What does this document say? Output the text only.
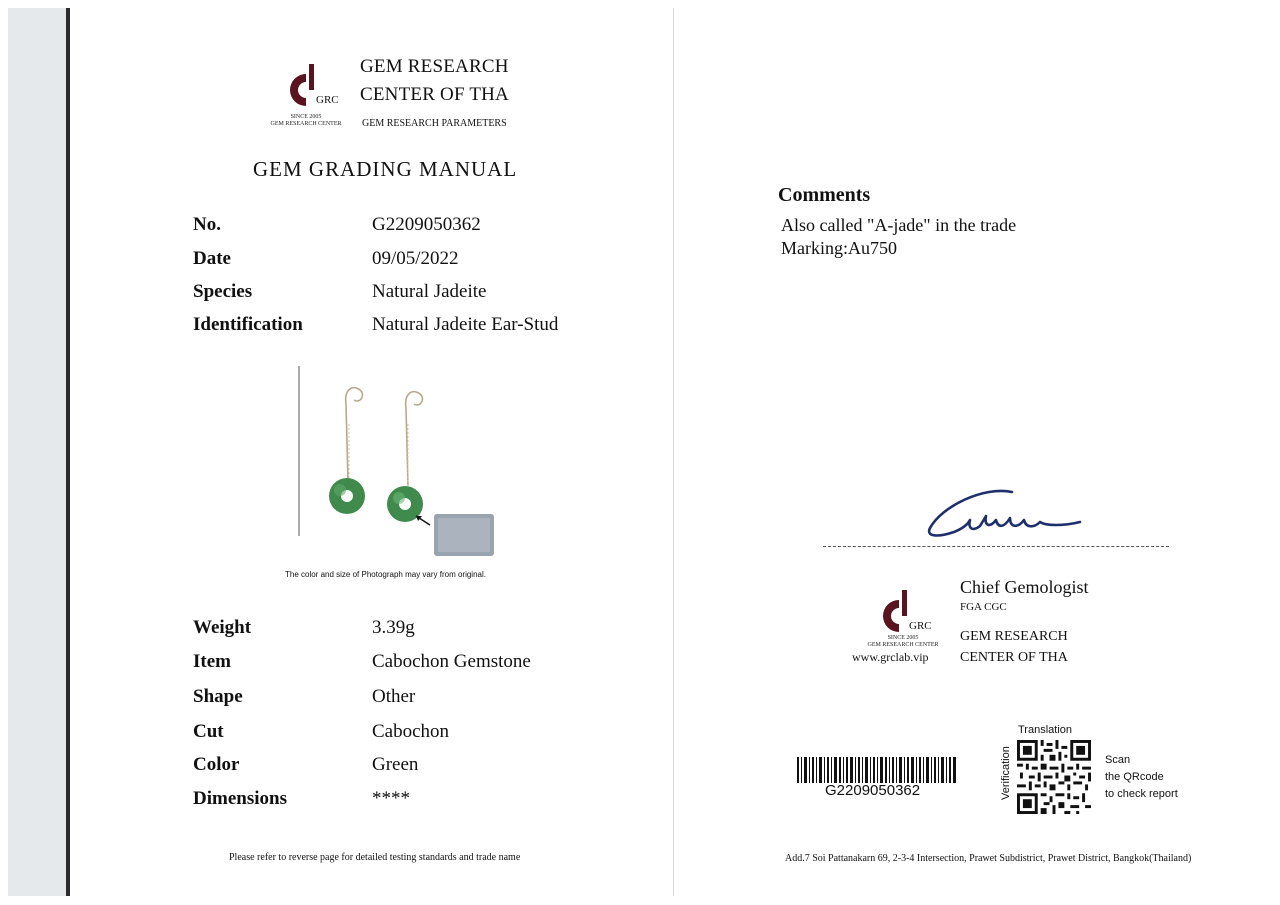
GRC
SINCE 2005
GEM RESEARCH CENTER
GEM RESEARCH
CENTER OF THA
GEM RESEARCH PARAMETERS
GEM GRADING MANUAL
No.	G2209050362
Date	09/05/2022
Species	Natural Jadeite
Identification	Natural Jadeite Ear-Stud
The color and size of Photograph may vary from original.
Weight	3.39g
Item	Cabochon Gemstone
Shape	Other
Cut	Cabochon
Color	Green
Dimensions	****
Please refer to reverse page for detailed testing standards and trade name
Comments
Also called "A-jade" in the trade
Marking:Au750
GRC
SINCE 2005
GEM RESEARCH CENTER
www.grclab.vip
Chief Gemologist
FGA CGC
GEM RESEARCH
CENTER OF THA
G2209050362
Translation
Verification	Scan
the QRcode
to check report
Add.7 Soi Pattanakarn 69, 2-3-4 Intersection, Prawet Subdistrict, Prawet District, Bangkok(Thailand)
